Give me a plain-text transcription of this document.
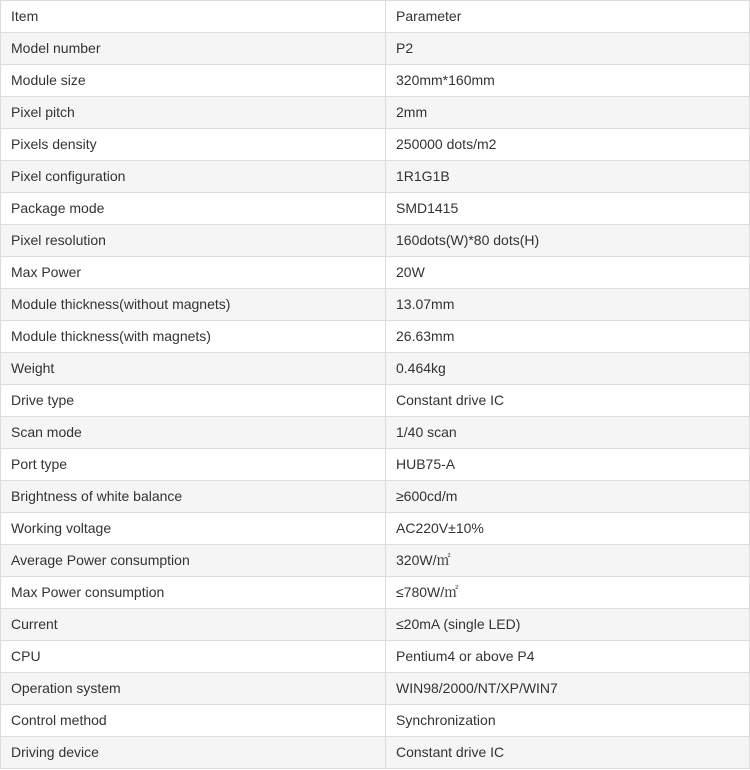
Item	Parameter
Model number	P2
Module size	320mm*160mm
Pixel pitch	2mm
Pixels density	250000 dots/m2
Pixel configuration	1R1G1B
Package mode	SMD1415
Pixel resolution	160dots(W)*80 dots(H)
Max Power	20W
Module thickness(without magnets)	13.07mm
Module thickness(with magnets)	26.63mm
Weight	0.464kg
Drive type	Constant drive IC
Scan mode	1/40 scan
Port type	HUB75-A
Brightness of white balance	≥600cd/m
Working voltage	AC220V±10%
Average Power consumption	320W/㎡
Max Power consumption	≤780W/㎡
Current	≤20mA (single LED)
CPU	Pentium4 or above P4
Operation system	WIN98/2000/NT/XP/WIN7
Control method	Synchronization
Driving device	Constant drive IC
